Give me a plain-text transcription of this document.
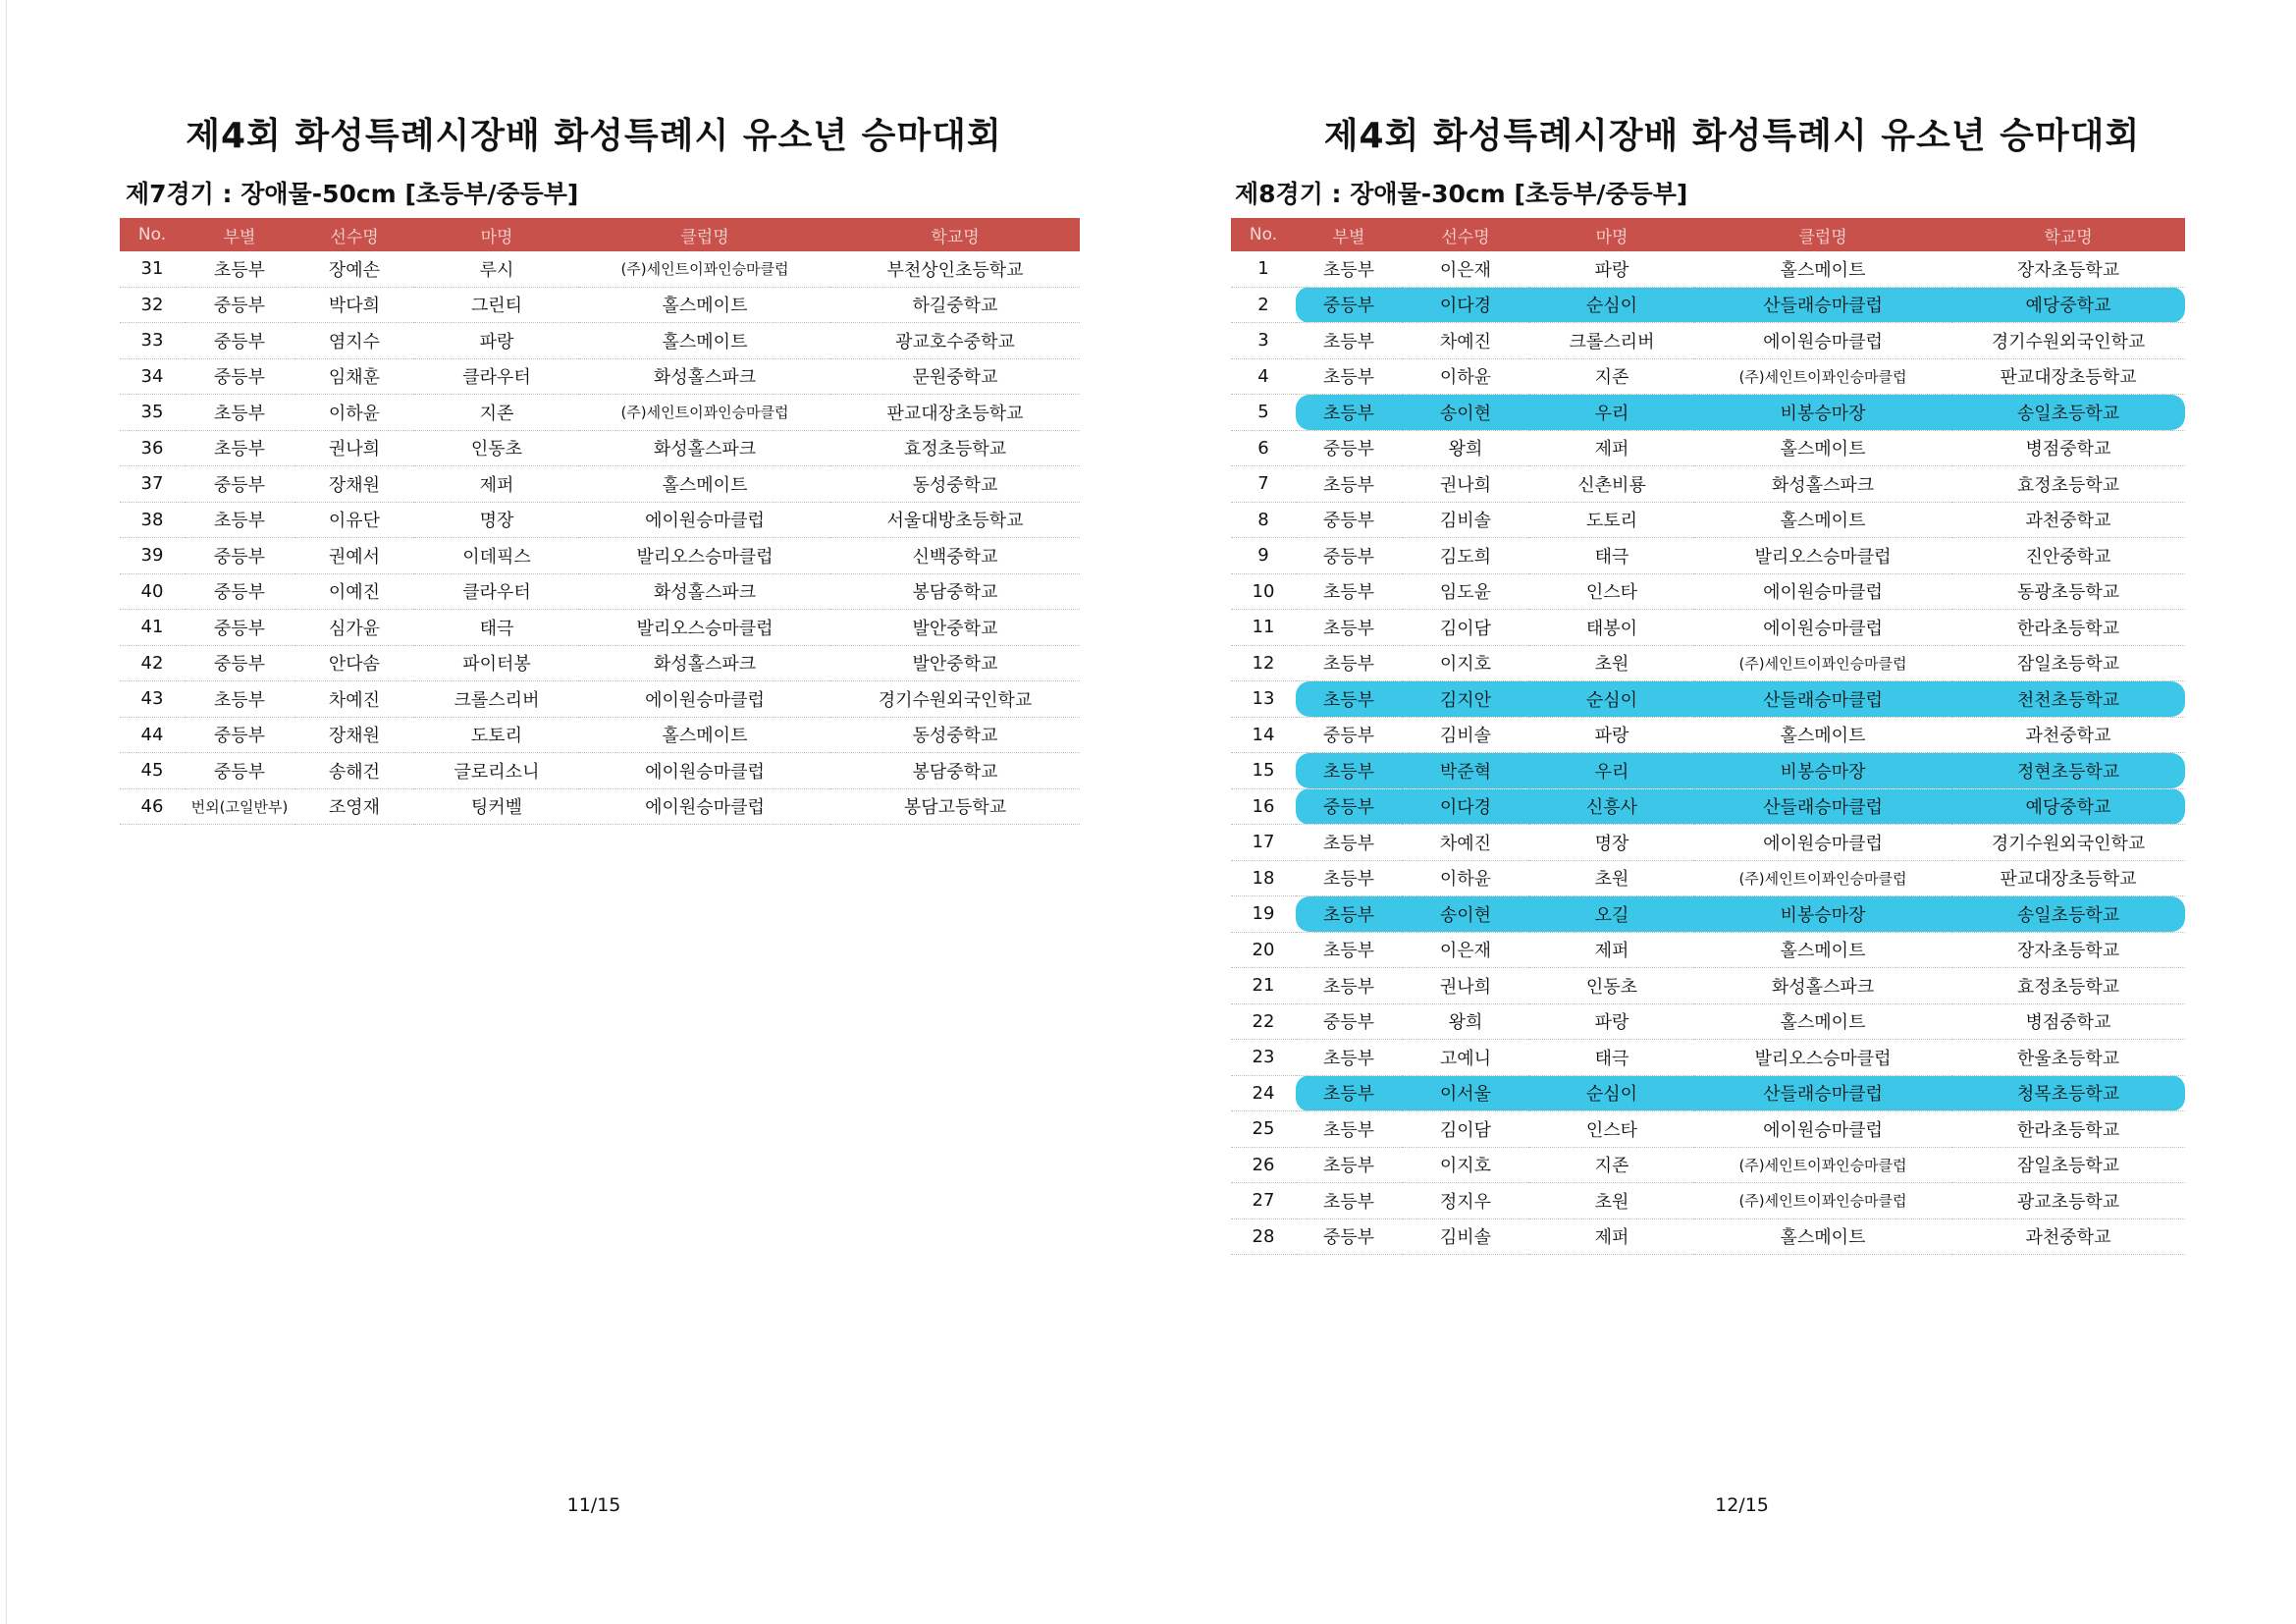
제4회 화성특례시장배 화성특례시 유소년 승마대회
제7경기 : 장애물-50cm [초등부/중등부]
No.	부별	선수명	마명	클럽명	학교명
31	초등부	장예손	루시	(주)세인트이꽈인승마클럽	부천상인초등학교
32	중등부	박다희	그린티	홀스메이트	하길중학교
33	중등부	염지수	파랑	홀스메이트	광교호수중학교
34	중등부	임채훈	클라우터	화성홀스파크	문원중학교
35	초등부	이하윤	지존	(주)세인트이꽈인승마클럽	판교대장초등학교
36	초등부	권나희	인동초	화성홀스파크	효정초등학교
37	중등부	장채원	제퍼	홀스메이트	동성중학교
38	초등부	이유단	명장	에이원승마클럽	서울대방초등학교
39	중등부	권예서	이데픽스	발리오스승마클럽	신백중학교
40	중등부	이예진	클라우터	화성홀스파크	봉담중학교
41	중등부	심가윤	태극	발리오스승마클럽	발안중학교
42	중등부	안다솜	파이터봉	화성홀스파크	발안중학교
43	초등부	차예진	크롤스리버	에이원승마클럽	경기수원외국인학교
44	중등부	장채원	도토리	홀스메이트	동성중학교
45	중등부	송해건	글로리소니	에이원승마클럽	봉담중학교
46	번외(고일반부)	조영재	팅커벨	에이원승마클럽	봉담고등학교

11/15

제4회 화성특례시장배 화성특례시 유소년 승마대회
제8경기 : 장애물-30cm [초등부/중등부]
No.	부별	선수명	마명	클럽명	학교명
1	초등부	이은재	파랑	홀스메이트	장자초등학교
2	중등부	이다경	순심이	산들래승마클럽	예당중학교
3	초등부	차예진	크롤스리버	에이원승마클럽	경기수원외국인학교
4	초등부	이하윤	지존	(주)세인트이꽈인승마클럽	판교대장초등학교
5	초등부	송이현	우리	비봉승마장	송일초등학교
6	중등부	왕희	제퍼	홀스메이트	병점중학교
7	초등부	권나희	신촌비룡	화성홀스파크	효정초등학교
8	중등부	김비솔	도토리	홀스메이트	과천중학교
9	중등부	김도희	태극	발리오스승마클럽	진안중학교
10	초등부	임도윤	인스타	에이원승마클럽	동광초등학교
11	초등부	김이담	태봉이	에이원승마클럽	한라초등학교
12	초등부	이지호	초원	(주)세인트이꽈인승마클럽	잠일초등학교
13	초등부	김지안	순심이	산들래승마클럽	천천초등학교
14	중등부	김비솔	파랑	홀스메이트	과천중학교
15	초등부	박준혁	우리	비봉승마장	정현초등학교
16	중등부	이다경	신흥사	산들래승마클럽	예당중학교
17	초등부	차예진	명장	에이원승마클럽	경기수원외국인학교
18	초등부	이하윤	초원	(주)세인트이꽈인승마클럽	판교대장초등학교
19	초등부	송이현	오길	비봉승마장	송일초등학교
20	초등부	이은재	제퍼	홀스메이트	장자초등학교
21	초등부	권나희	인동초	화성홀스파크	효정초등학교
22	중등부	왕희	파랑	홀스메이트	병점중학교
23	초등부	고예니	태극	발리오스승마클럽	한울초등학교
24	초등부	이서울	순심이	산들래승마클럽	청목초등학교
25	초등부	김이담	인스타	에이원승마클럽	한라초등학교
26	초등부	이지호	지존	(주)세인트이꽈인승마클럽	잠일초등학교
27	초등부	정지우	초원	(주)세인트이꽈인승마클럽	광교초등학교
28	중등부	김비솔	제퍼	홀스메이트	과천중학교

12/15
